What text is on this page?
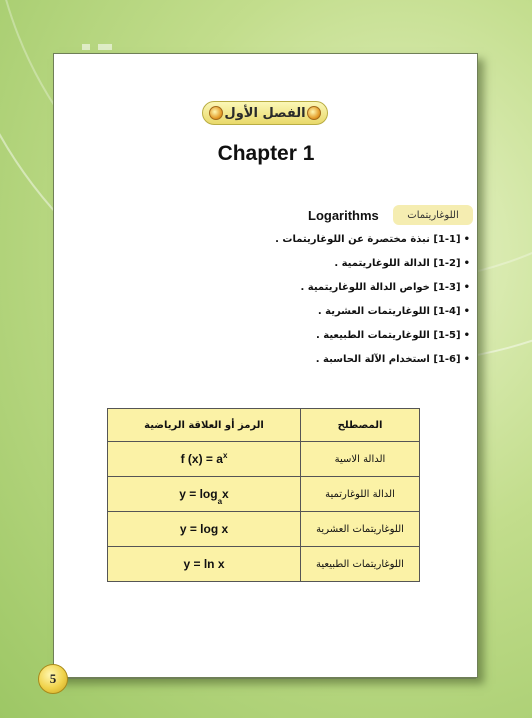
الفصل الأول
Chapter 1
Logarithms	اللوغاريتمات
•[1-1] نبذة مختصرة عن اللوغاريتمات .
•[1-2] الدالة اللوغاريتمية .
•[1-3] خواص الدالة اللوغاريتمية .
•[1-4] اللوغاريتمات العشرية .
•[1-5] اللوغاريتمات الطبيعية .
•[1-6] استخدام الآلة الحاسبة .
المصطلح	الرمز أو العلاقة الرياضية
الدالة الاسية	f $(x) = a^x$
الدالة اللوغارتمية	$y = \log_ax$
اللوغاريتمات العشرية	y = log x
اللوغاريتمات الطبيعية	y = ln x
5
